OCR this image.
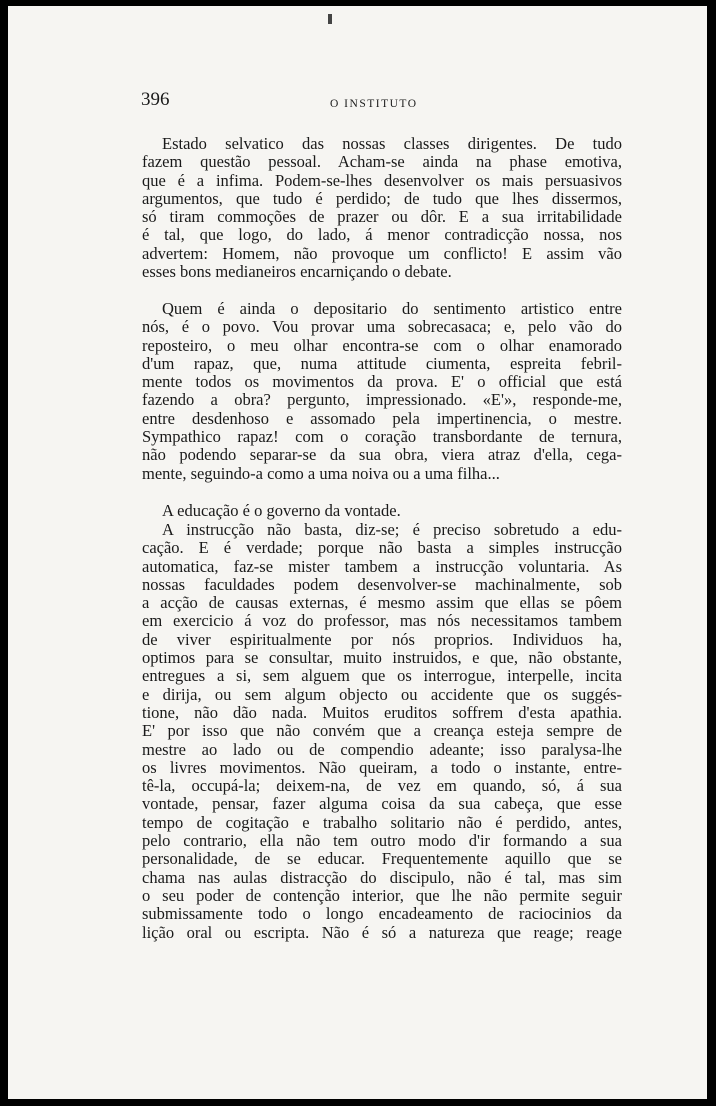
396	O INSTITUTO
Estado selvatico das nossas classes dirigentes. De tudo
fazem questão pessoal. Acham-se ainda na phase emotiva,
que é a infima. Podem-se-lhes desenvolver os mais persuasivos
argumentos, que tudo é perdido; de tudo que lhes dissermos,
só tiram commoções de prazer ou dôr. E a sua irritabilidade
é tal, que logo, do lado, á menor contradicção nossa, nos
advertem: Homem, não provoque um conflicto! E assim vão
esses bons medianeiros encarniçando o debate.
Quem é ainda o depositario do sentimento artistico entre
nós, é o povo. Vou provar uma sobrecasaca; e, pelo vão do
reposteiro, o meu olhar encontra-se com o olhar enamorado
d'um rapaz, que, numa attitude ciumenta, espreita febril-
mente todos os movimentos da prova. E' o official que está
fazendo a obra? pergunto, impressionado. «E'», responde-me,
entre desdenhoso e assomado pela impertinencia, o mestre.
Sympathico rapaz! com o coração transbordante de ternura,
não podendo separar-se da sua obra, viera atraz d'ella, cega-
mente, seguindo-a como a uma noiva ou a uma filha...
A educação é o governo da vontade.
A instrucção não basta, diz-se; é preciso sobretudo a edu-
cação. E é verdade; porque não basta a simples instrucção
automatica, faz-se mister tambem a instrucção voluntaria. As
nossas faculdades podem desenvolver-se machinalmente, sob
a acção de causas externas, é mesmo assim que ellas se pôem
em exercicio á voz do professor, mas nós necessitamos tambem
de viver espiritualmente por nós proprios. Individuos ha,
optimos para se consultar, muito instruidos, e que, não obstante,
entregues a si, sem alguem que os interrogue, interpelle, incita
e dirija, ou sem algum objecto ou accidente que os suggés-
tione, não dão nada. Muitos eruditos soffrem d'esta apathia.
E' por isso que não convém que a creança esteja sempre de
mestre ao lado ou de compendio adeante; isso paralysa-lhe
os livres movimentos. Não queiram, a todo o instante, entre-
tê-la, occupá-la; deixem-na, de vez em quando, só, á sua
vontade, pensar, fazer alguma coisa da sua cabeça, que esse
tempo de cogitação e trabalho solitario não é perdido, antes,
pelo contrario, ella não tem outro modo d'ir formando a sua
personalidade, de se educar. Frequentemente aquillo que se
chama nas aulas distracção do discipulo, não é tal, mas sim
o seu poder de contenção interior, que lhe não permite seguir
submissamente todo o longo encadeamento de raciocinios da
lição oral ou escripta. Não é só a natureza que reage; reage
